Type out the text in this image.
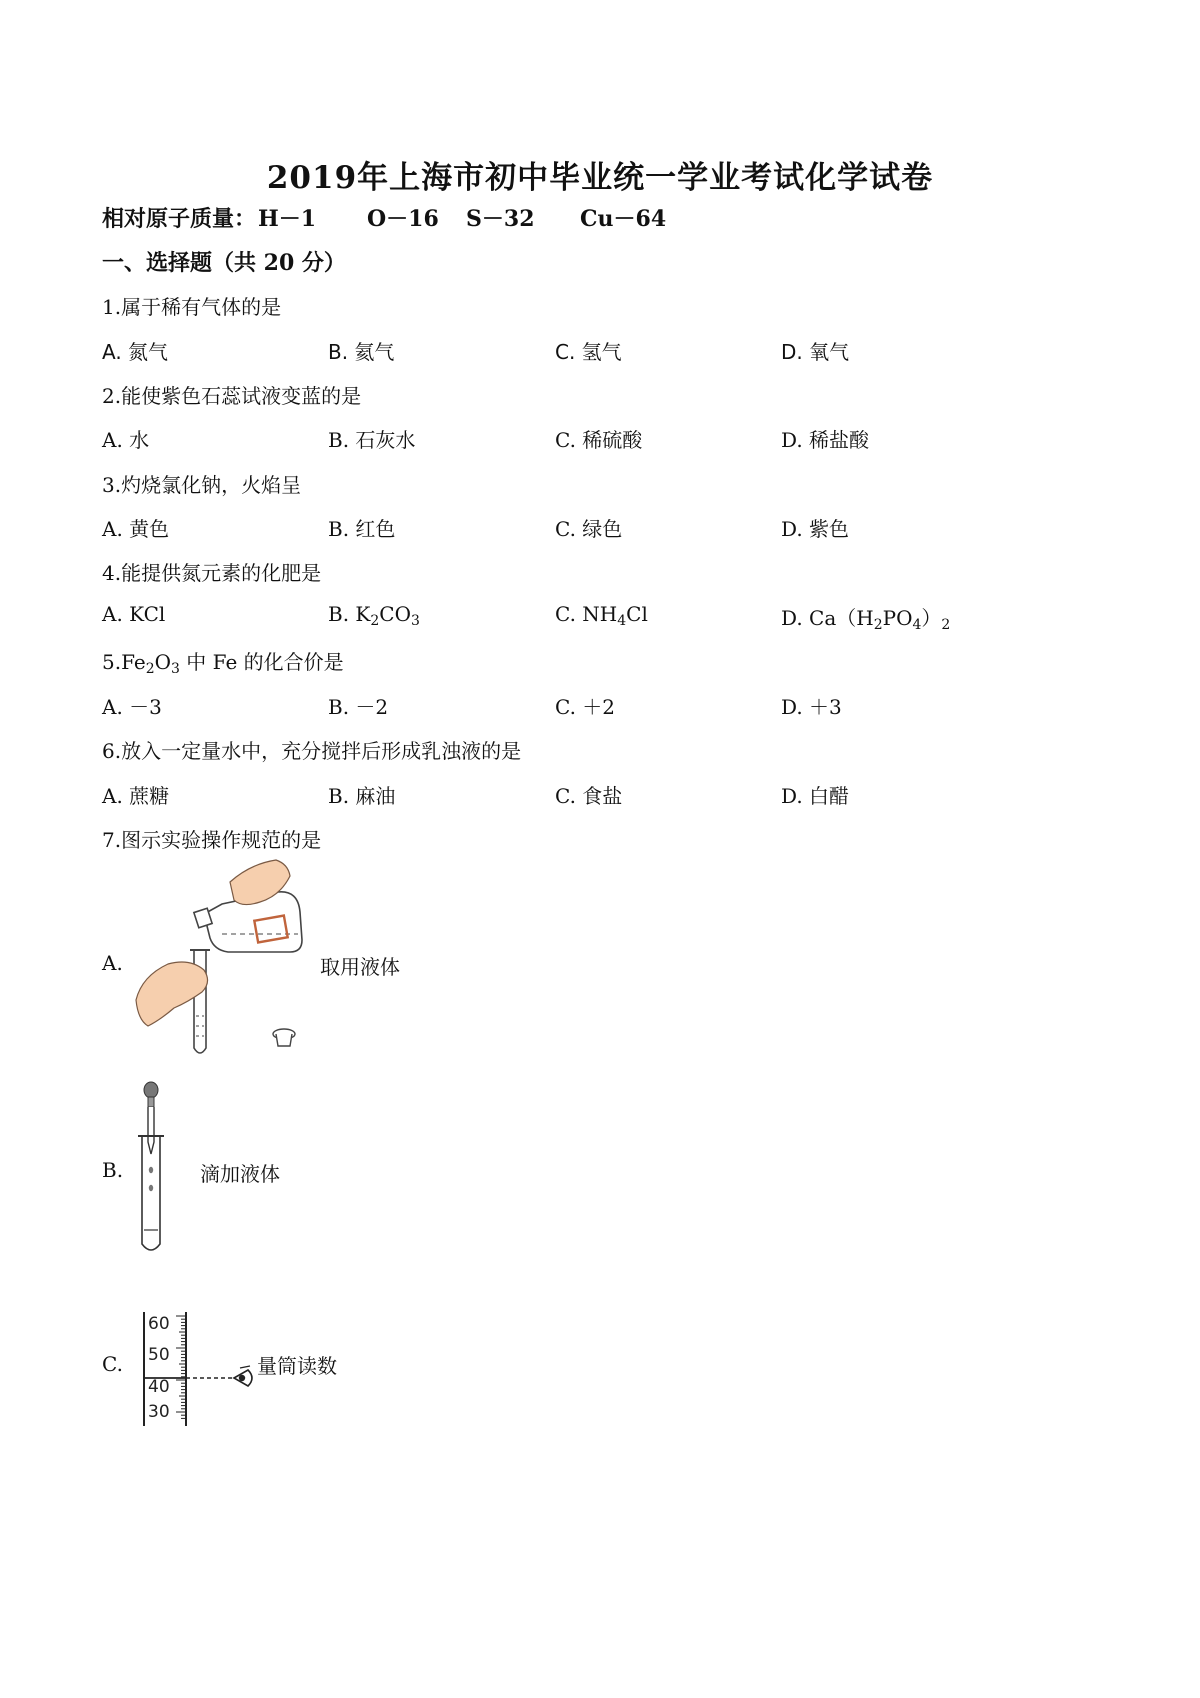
2019年上海市初中毕业统一学业考试化学试卷
相对原子质量： H－1 O－16 S－32 Cu－64
一、选择题（共 20 分）
1.属于稀有气体的是
A. 氮气	B. 氦气	C. 氢气	D. 氧气
2.能使紫色石蕊试液变蓝的是
A. 水	B. 石灰水	C. 稀硫酸	D. 稀盐酸
3.灼烧氯化钠，火焰呈
A. 黄色	B. 红色	C. 绿色	D. 紫色
4.能提供氮元素的化肥是
A. KCl	B. $K_2CO_3$	C. $NH_4Cl$	D. $Ca(H_2PO_4)_2$
$5.Fe_2O_3$ 中 Fe 的化合价是
A. －3	B. －2	C. ＋2	D. ＋3
6.放入一定量水中，充分搅拌后形成乳浊液的是
A. 蔗糖	B. 麻油	C. 食盐	D. 白醋
7.图示实验操作规范的是
A.	取用液体
B.	滴加液体
C.
60
50
40
30
量筒读数
